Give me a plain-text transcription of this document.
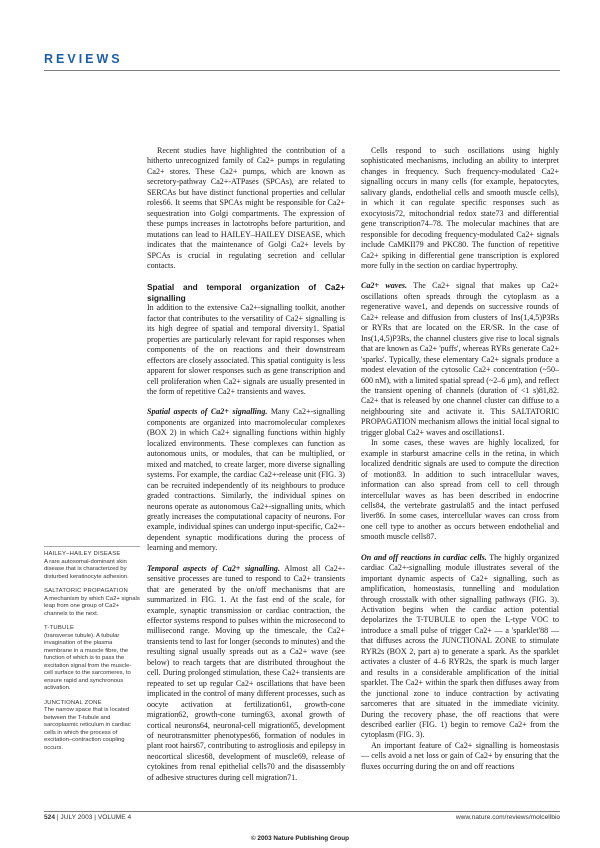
REVIEWS

Recent studies have highlighted the contribution of a hitherto unrecognized family of Ca2+ pumps in regulating Ca2+ stores. These Ca2+ pumps, which are known as secretory-pathway Ca2+-ATPases (SPCAs), are related to SERCAs but have distinct functional properties and cellular roles66. It seems that SPCAs might be responsible for Ca2+ sequestration into Golgi compartments. The expression of these pumps increases in lactotrophs before parturition, and mutations can lead to HAILEY–HAILEY DISEASE, which indicates that the maintenance of Golgi Ca2+ levels by SPCAs is crucial in regulating secretion and cellular contacts.

Spatial and temporal organization of Ca2+ signalling

In addition to the extensive Ca2+-signalling toolkit, another factor that contributes to the versatility of Ca2+ signalling is its high degree of spatial and temporal diversity1. Spatial properties are particularly relevant for rapid responses when components of the on reactions and their downstream effectors are closely associated. This spatial contiguity is less apparent for slower responses such as gene transcription and cell proliferation when Ca2+ signals are usually presented in the form of repetitive Ca2+ transients and waves.

Spatial aspects of Ca2+ signalling. Many Ca2+-signalling components are organized into macromolecular complexes (BOX 2) in which Ca2+ signalling functions within highly localized environments. These complexes can function as autonomous units, or modules, that can be multiplied, or mixed and matched, to create larger, more diverse signalling systems. For example, the cardiac Ca2+-release unit (FIG. 3) can be recruited independently of its neighbours to produce graded contractions. Similarly, the individual spines on neurons operate as autonomous Ca2+-signalling units, which greatly increases the computational capacity of neurons. For example, individual spines can undergo input-specific, Ca2+-dependent synaptic modifications during the process of learning and memory.

Temporal aspects of Ca2+ signalling. Almost all Ca2+-sensitive processes are tuned to respond to Ca2+ transients that are generated by the on/off mechanisms that are summarized in FIG. 1. At the fast end of the scale, for example, synaptic transmission or cardiac contraction, the effector systems respond to pulses within the microsecond to millisecond range. Moving up the timescale, the Ca2+ transients tend to last for longer (seconds to minutes) and the resulting signal usually spreads out as a Ca2+ wave (see below) to reach targets that are distributed throughout the cell. During prolonged stimulation, these Ca2+ transients are repeated to set up regular Ca2+ oscillations that have been implicated in the control of many different processes, such as oocyte activation at fertilization61, growth-cone migration62, growth-cone turning63, axonal growth of cortical neurons64, neuronal-cell migration65, development of neurotransmitter phenotypes66, formation of nodules in plant root hairs67, contributing to astrogliosis and epilepsy in neocortical slices68, development of muscle69, release of cytokines from renal epithelial cells70 and the disassembly of adhesive structures during cell migration71.

Cells respond to such oscillations using highly sophisticated mechanisms, including an ability to interpret changes in frequency. Such frequency-modulated Ca2+ signalling occurs in many cells (for example, hepatocytes, salivary glands, endothelial cells and smooth muscle cells), in which it can regulate specific responses such as exocytosis72, mitochondrial redox state73 and differential gene transcription74–78. The molecular machines that are responsible for decoding frequency-modulated Ca2+ signals include CaMKII79 and PKC80. The function of repetitive Ca2+ spiking in differential gene transcription is explored more fully in the section on cardiac hypertrophy.

Ca2+ waves. The Ca2+ signal that makes up Ca2+ oscillations often spreads through the cytoplasm as a regenerative wave1, and depends on successive rounds of Ca2+ release and diffusion from clusters of Ins(1,4,5)P3Rs or RYRs that are located on the ER/SR. In the case of Ins(1,4,5)P3Rs, the channel clusters give rise to local signals that are known as Ca2+ 'puffs', whereas RYRs generate Ca2+ 'sparks'. Typically, these elementary Ca2+ signals produce a modest elevation of the cytosolic Ca2+ concentration (~50–600 nM), with a limited spatial spread (~2–6 μm), and reflect the transient opening of channels (duration of <1 s)81,82. Ca2+ that is released by one channel cluster can diffuse to a neighbouring site and activate it. This SALTATORIC PROPAGATION mechanism allows the initial local signal to trigger global Ca2+ waves and oscillations1.

In some cases, these waves are highly localized, for example in starburst amacrine cells in the retina, in which localized dendritic signals are used to compute the direction of motion83. In addition to such intracellular waves, information can also spread from cell to cell through intercellular waves as has been described in endocrine cells84, the vertebrate gastrula85 and the intact perfused liver86. In some cases, intercellular waves can cross from one cell type to another as occurs between endothelial and smooth muscle cells87.

On and off reactions in cardiac cells. The highly organized cardiac Ca2+-signalling module illustrates several of the important dynamic aspects of Ca2+ signalling, such as amplification, homeostasis, tunnelling and modulation through crosstalk with other signalling pathways (FIG. 3). Activation begins when the cardiac action potential depolarizes the T-TUBULE to open the L-type VOC to introduce a small pulse of trigger Ca2+ — a 'sparklet'88 — that diffuses across the JUNCTIONAL ZONE to stimulate RYR2s (BOX 2, part a) to generate a spark. As the sparklet activates a cluster of 4–6 RYR2s, the spark is much larger and results in a considerable amplification of the initial sparklet. The Ca2+ within the spark then diffuses away from the junctional zone to induce contraction by activating sarcomeres that are situated in the immediate vicinity. During the recovery phase, the off reactions that were described earlier (FIG. 1) begin to remove Ca2+ from the cytoplasm (FIG. 3).

An important feature of Ca2+ signalling is homeostasis — cells avoid a net loss or gain of Ca2+ by ensuring that the fluxes occurring during the on and off reactions

HAILEY–HAILEY DISEASE
A rare autosomal-dominant skin disease that is characterized by disturbed keratinocyte adhesion.
SALTATORIC PROPAGATION
A mechanism by which Ca2+ signals leap from one group of Ca2+ channels to the next.
T-TUBULE
(transverse tubule). A tubular invagination of the plasma membrane in a muscle fibre, the function of which is to pass the excitation signal from the muscle-cell surface to the sarcomeres, to ensure rapid and synchronous activation.
JUNCTIONAL ZONE
The narrow space that is located between the T-tubule and sarcoplasmic reticulum in cardiac cells in which the process of excitation–contraction coupling occurs.
524 | JULY 2003 | VOLUME 4	www.nature.com/reviews/molcellbio
© 2003 Nature Publishing Group
